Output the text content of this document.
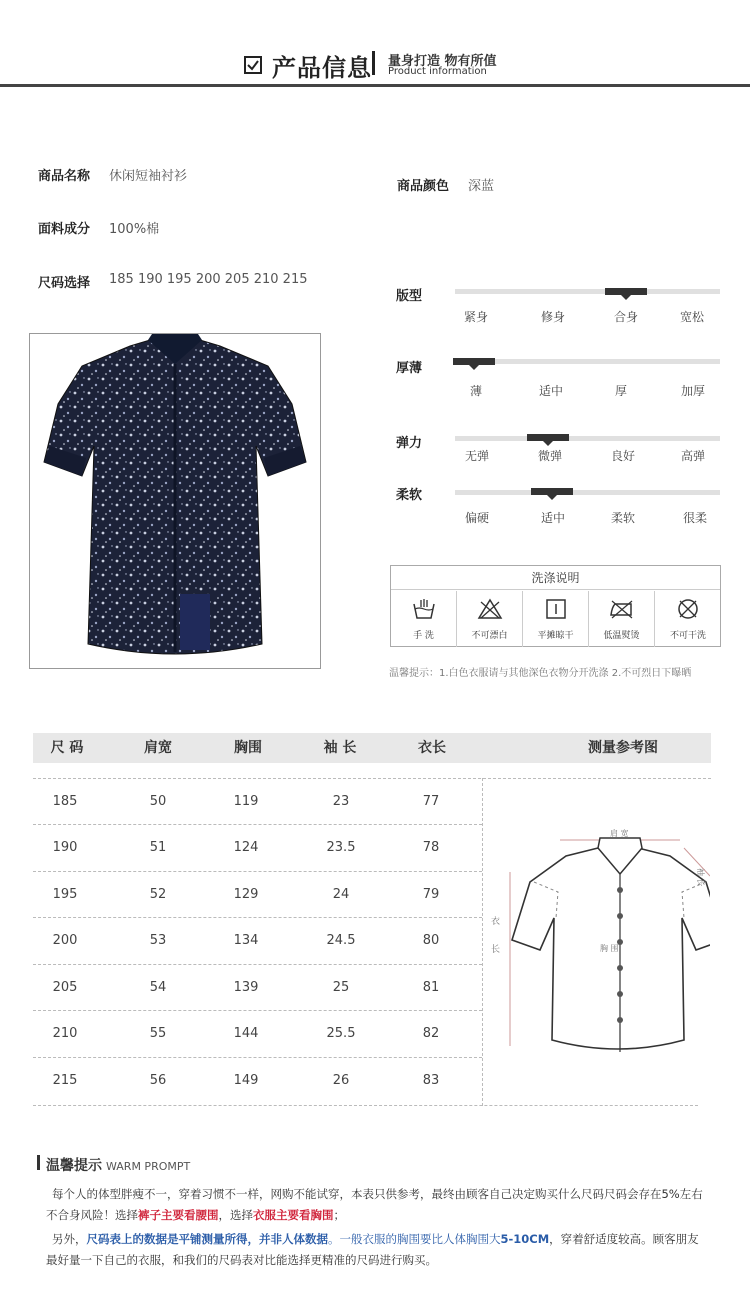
产品信息 量身打造 物有所值
Product information
商品名称 休闲短袖衬衫
面料成分 100%棉
尺码选择 185 190 195 200 205 210 215
商品颜色 深蓝
版型
紧身	修身	合身	宽松
厚薄
薄	适中	厚	加厚
弹力
无弹	微弹	良好	高弹
柔软
偏硬	适中	柔软	很柔
洗涤说明
手 洗	不可漂白	平摊晾干	低温熨烫	不可干洗
温馨提示：1.白色衣服请与其他深色衣物分开洗涤 2.不可烈日下曝晒
尺 码	肩宽	胸围	袖 长	衣长	测量参考图
185	50	119	23	77
190	51	124	23.5	78
195	52	129	24	79
200	53	134	24.5	80
205	54	139	25	81
210	55	144	25.5	82
215	56	149	26	83
肩 宽
袖 长
衣
长	胸 围
温馨提示 WARM PROMPT
每个人的体型胖瘦不一，穿着习惯不一样，网购不能试穿，本表只供参考，最终由顾客自己决定购买什么尺码尺码会存在5%左右不合身风险！选择裤子主要看腰围，选择衣服主要看胸围；
另外，尺码表上的数据是平铺测量所得，并非人体数据。一般衣服的胸围要比人体胸围大5-10CM，穿着舒适度较高。顾客朋友最好量一下自己的衣服，和我们的尺码表对比能选择更精准的尺码进行购买。
